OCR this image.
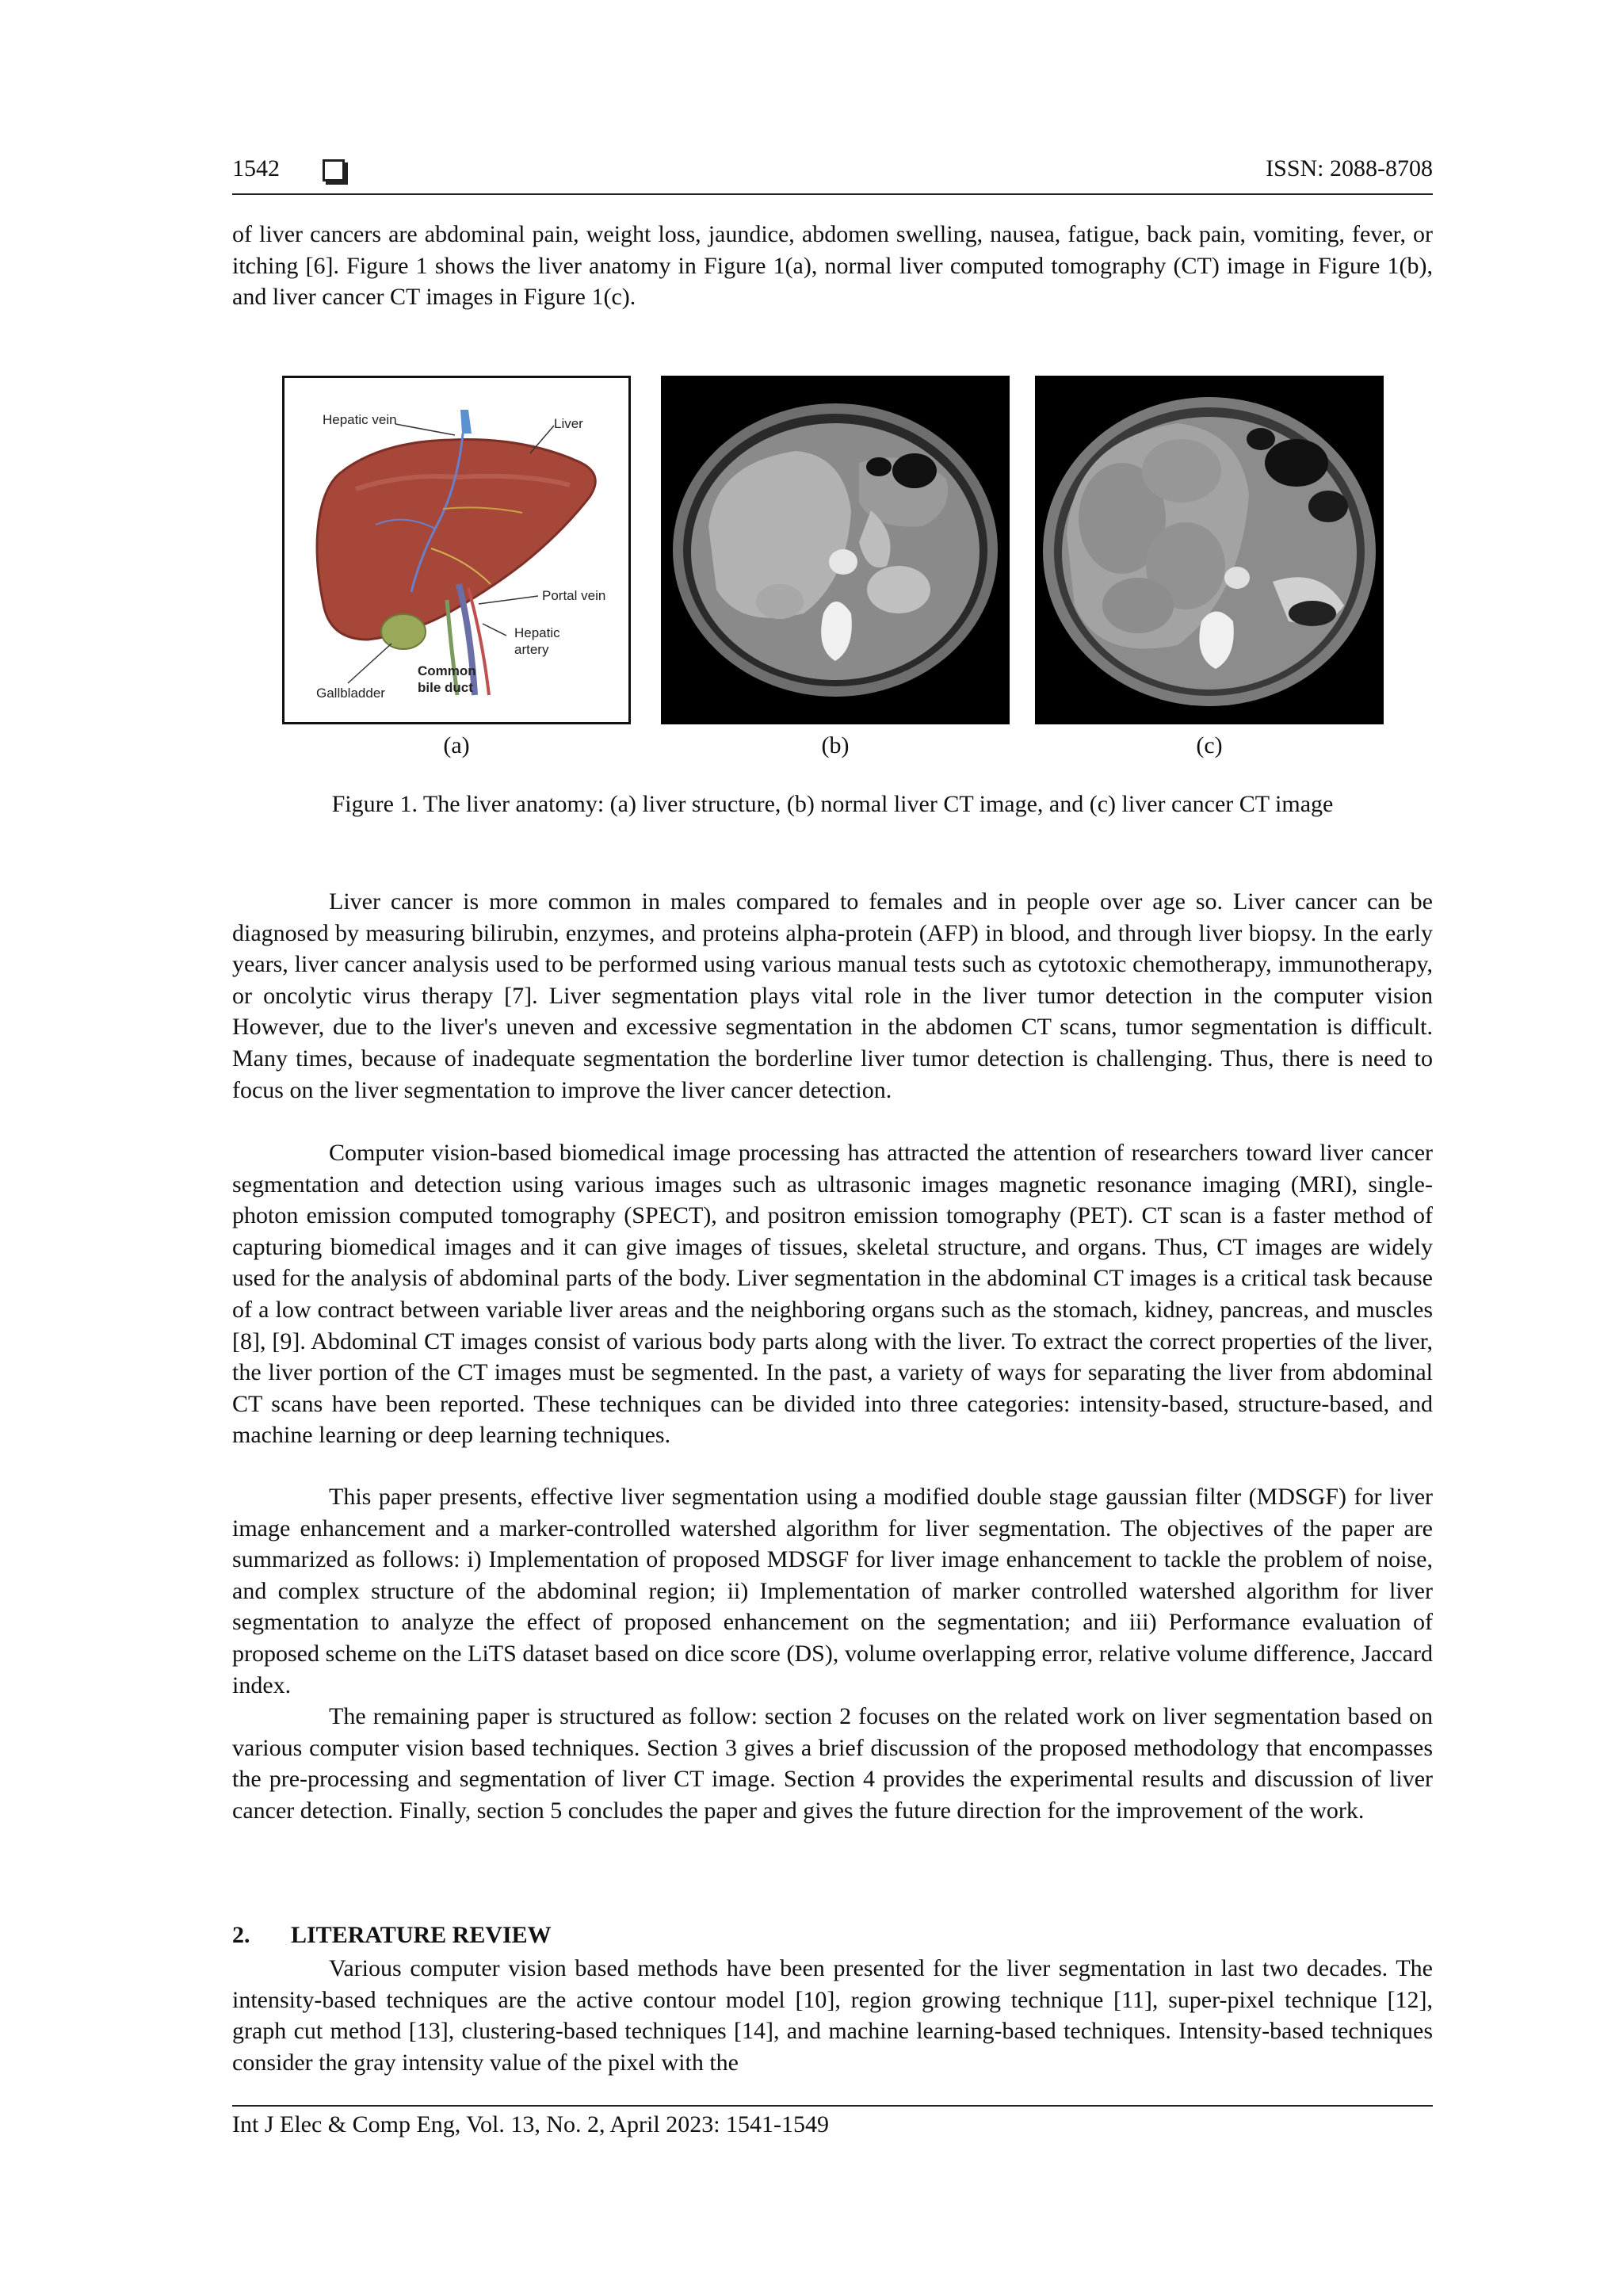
1542	ISSN: 2088-8708

of liver cancers are abdominal pain, weight loss, jaundice, abdomen swelling, nausea, fatigue, back pain, vomiting, fever, or itching [6]. Figure 1 shows the liver anatomy in Figure 1(a), normal liver computed tomography (CT) image in Figure 1(b), and liver cancer CT images in Figure 1(c).

Hepatic vein	Liver
Portal vein
Hepatic
artery
Common
bile duct
Gallbladder
(a)	(b)	(c)
Figure 1. The liver anatomy: (a) liver structure, (b) normal liver CT image, and (c) liver cancer CT image

Liver cancer is more common in males compared to females and in people over age so. Liver cancer can be diagnosed by measuring bilirubin, enzymes, and proteins alpha-protein (AFP) in blood, and through liver biopsy. In the early years, liver cancer analysis used to be performed using various manual tests such as cytotoxic chemotherapy, immunotherapy, or oncolytic virus therapy [7]. Liver segmentation plays vital role in the liver tumor detection in the computer vision However, due to the liver's uneven and excessive segmentation in the abdomen CT scans, tumor segmentation is difficult. Many times, because of inadequate segmentation the borderline liver tumor detection is challenging. Thus, there is need to focus on the liver segmentation to improve the liver cancer detection.

Computer vision-based biomedical image processing has attracted the attention of researchers toward liver cancer segmentation and detection using various images such as ultrasonic images magnetic resonance imaging (MRI), single-photon emission computed tomography (SPECT), and positron emission tomography (PET). CT scan is a faster method of capturing biomedical images and it can give images of tissues, skeletal structure, and organs. Thus, CT images are widely used for the analysis of abdominal parts of the body. Liver segmentation in the abdominal CT images is a critical task because of a low contract between variable liver areas and the neighboring organs such as the stomach, kidney, pancreas, and muscles [8], [9]. Abdominal CT images consist of various body parts along with the liver. To extract the correct properties of the liver, the liver portion of the CT images must be segmented. In the past, a variety of ways for separating the liver from abdominal CT scans have been reported. These techniques can be divided into three categories: intensity-based, structure-based, and machine learning or deep learning techniques.

This paper presents, effective liver segmentation using a modified double stage gaussian filter (MDSGF) for liver image enhancement and a marker-controlled watershed algorithm for liver segmentation. The objectives of the paper are summarized as follows: i) Implementation of proposed MDSGF for liver image enhancement to tackle the problem of noise, and complex structure of the abdominal region; ii) Implementation of marker controlled watershed algorithm for liver segmentation to analyze the effect of proposed enhancement on the segmentation; and iii) Performance evaluation of proposed scheme on the LiTS dataset based on dice score (DS), volume overlapping error, relative volume difference, Jaccard index.

The remaining paper is structured as follow: section 2 focuses on the related work on liver segmentation based on various computer vision based techniques. Section 3 gives a brief discussion of the proposed methodology that encompasses the pre-processing and segmentation of liver CT image. Section 4 provides the experimental results and discussion of liver cancer detection. Finally, section 5 concludes the paper and gives the future direction for the improvement of the work.

2. LITERATURE REVIEW

Various computer vision based methods have been presented for the liver segmentation in last two decades. The intensity-based techniques are the active contour model [10], region growing technique [11], super-pixel technique [12], graph cut method [13], clustering-based techniques [14], and machine learning-based techniques. Intensity-based techniques consider the gray intensity value of the pixel with the

Int J Elec & Comp Eng, Vol. 13, No. 2, April 2023: 1541-1549
